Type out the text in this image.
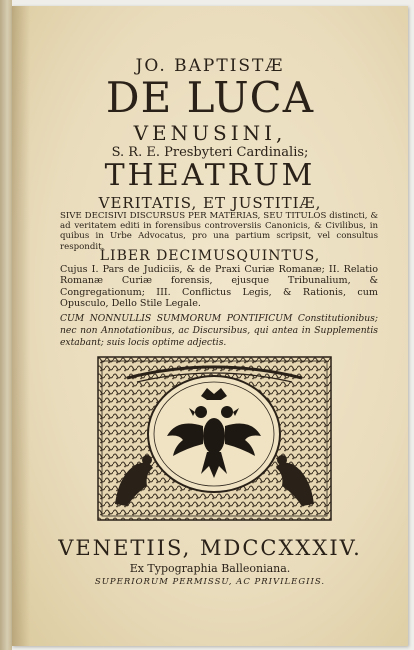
JO. BAPTISTÆ
DE LUCA
VENUSINI,
S. R. E. Presbyteri Cardinalis;
THEATRUM
VERITATIS, ET JUSTITIÆ,
SIVE DECISIVI DISCURSUS PER MATERIAS, SEU TITULOS distincti, & ad veritatem editi in forensibus controversiis Canonicis, & Civilibus, in quibus in Urbe Advocatus, pro una partium scripsit, vel consultus respondit.
LIBER DECIMUSQUINTUS,
Cujus I. Pars de Judiciis, & de Praxi Curiæ Romanæ; II. Relatio Romanæ Curiæ forensis, ejusque Tribunalium, & Congregationum; III. Conflictus Legis, & Rationis, cum Opusculo, Dello Stile Legale.
CUM NONNULLIS SUMMORUM PONTIFICUM Constitutionibus; nec non Annotationibus, ac Discursibus, qui antea in Supplementis extabant; suis locis optime adjectis.
VENETIIS, MDCCXXXIV.
Ex Typographia Balleoniana.
SUPERIORUM PERMISSU, AC PRIVILEGIIS.
